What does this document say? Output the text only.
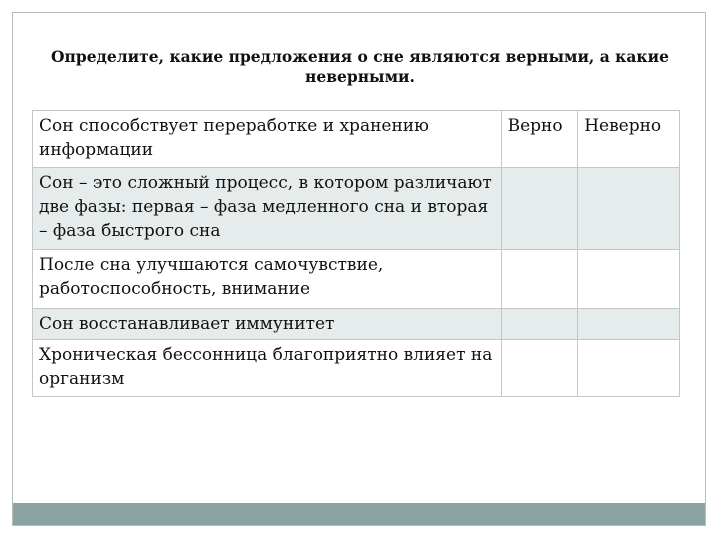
Определите, какие предложения о сне являются верными, а какие неверными.
Сон способствует переработке и хранению информации	Верно	Неверно
Сон – это сложный процесс, в котором различают две фазы: первая – фаза медленного сна и вторая – фаза быстрого сна		
После сна улучшаются самочувствие, работоспособность, внимание		
Сон восстанавливает иммунитет		
Хроническая бессонница благоприятно влияет на организм		
